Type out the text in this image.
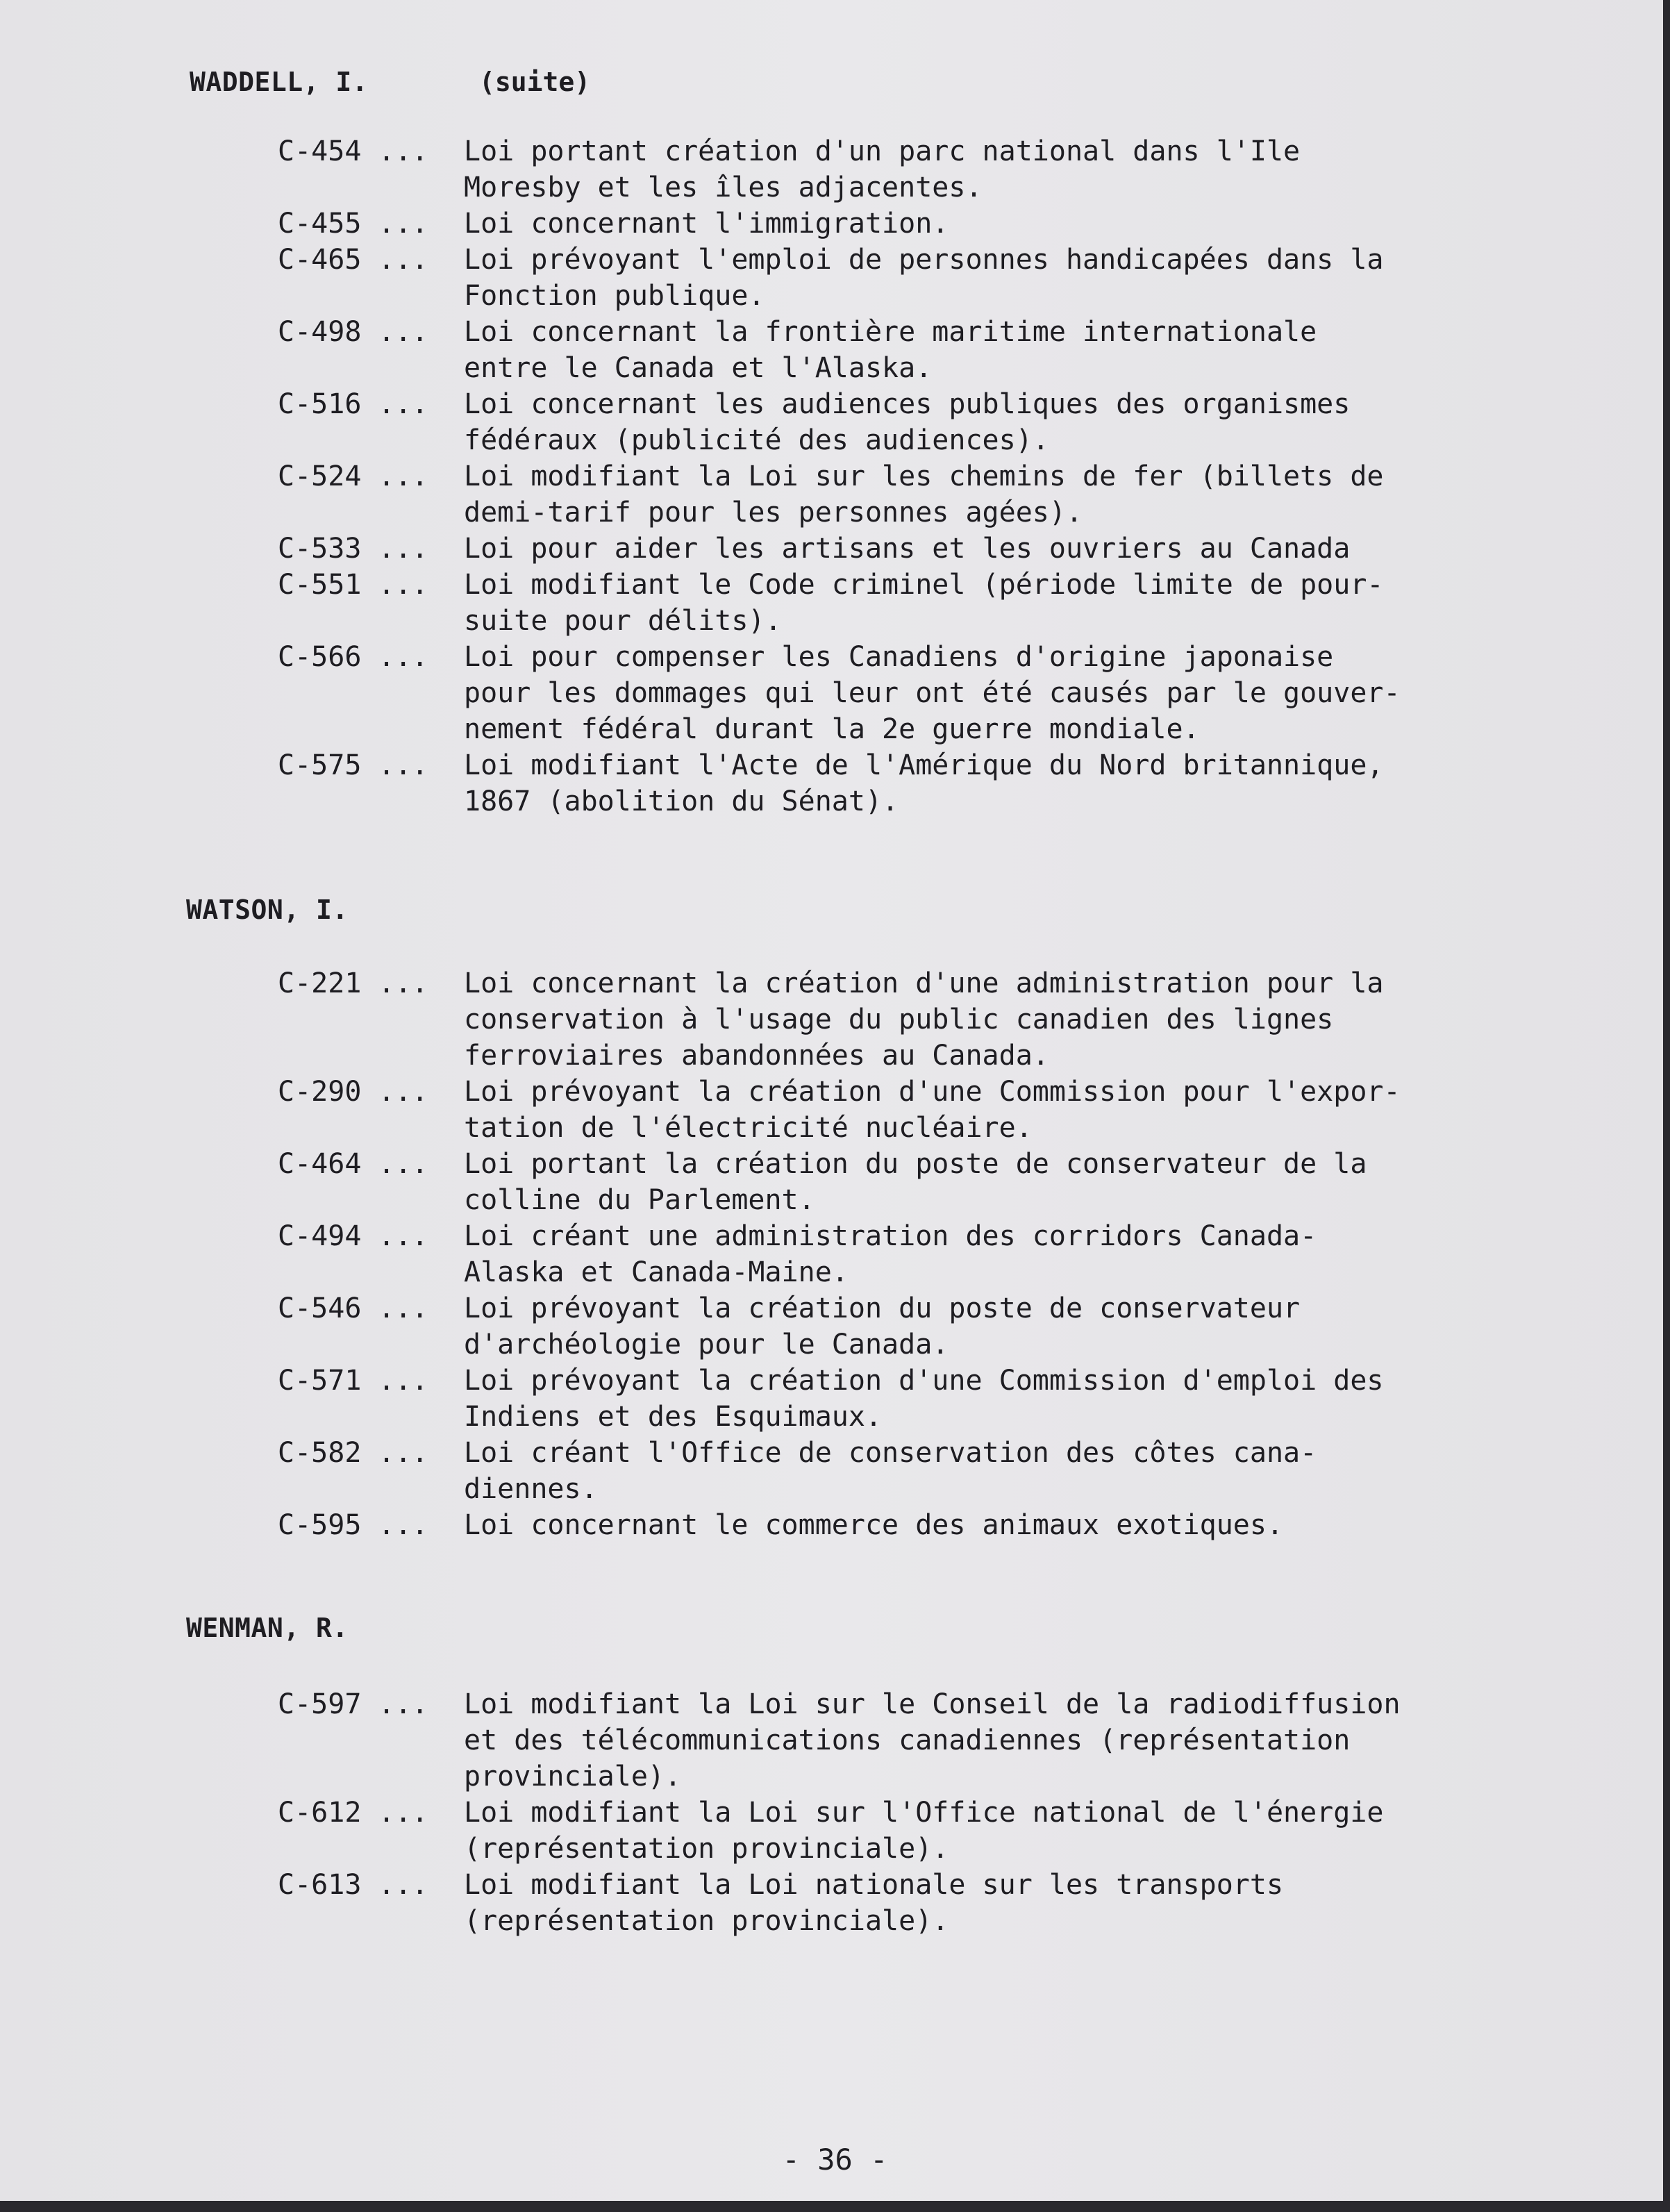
WADDELL, I.	(suite)
C-454 ...	Loi portant création d'un parc national dans l'Ile
Moresby et les îles adjacentes.
C-455 ...	Loi concernant l'immigration.
C-465 ...	Loi prévoyant l'emploi de personnes handicapées dans la
Fonction publique.
C-498 ...	Loi concernant la frontière maritime internationale
entre le Canada et l'Alaska.
C-516 ...	Loi concernant les audiences publiques des organismes
fédéraux (publicité des audiences).
C-524 ...	Loi modifiant la Loi sur les chemins de fer (billets de
demi-tarif pour les personnes agées).
C-533 ...	Loi pour aider les artisans et les ouvriers au Canada
C-551 ...	Loi modifiant le Code criminel (période limite de pour-
suite pour délits).
C-566 ...	Loi pour compenser les Canadiens d'origine japonaise
pour les dommages qui leur ont été causés par le gouver-
nement fédéral durant la 2e guerre mondiale.
C-575 ...	Loi modifiant l'Acte de l'Amérique du Nord britannique,
1867 (abolition du Sénat).
WATSON, I.
C-221 ...	Loi concernant la création d'une administration pour la
conservation à l'usage du public canadien des lignes
ferroviaires abandonnées au Canada.
C-290 ...	Loi prévoyant la création d'une Commission pour l'expor-
tation de l'électricité nucléaire.
C-464 ...	Loi portant la création du poste de conservateur de la
colline du Parlement.
C-494 ...	Loi créant une administration des corridors Canada-
Alaska et Canada-Maine.
C-546 ...	Loi prévoyant la création du poste de conservateur
d'archéologie pour le Canada.
C-571 ...	Loi prévoyant la création d'une Commission d'emploi des
Indiens et des Esquimaux.
C-582 ...	Loi créant l'Office de conservation des côtes cana-
diennes.
C-595 ...	Loi concernant le commerce des animaux exotiques.
WENMAN, R.
C-597 ...	Loi modifiant la Loi sur le Conseil de la radiodiffusion
et des télécommunications canadiennes (représentation
provinciale).
C-612 ...	Loi modifiant la Loi sur l'Office national de l'énergie
(représentation provinciale).
C-613 ...	Loi modifiant la Loi nationale sur les transports
(représentation provinciale).
- 36 -
